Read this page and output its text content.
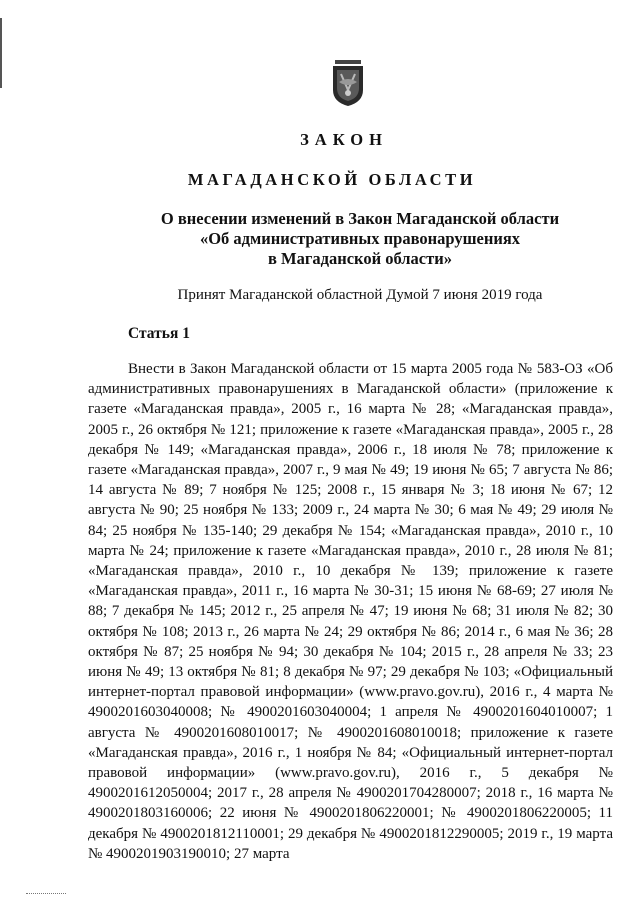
ЗАКОН
МАГАДАНСКОЙ ОБЛАСТИ
О внесении изменений в Закон Магаданской области
«Об административных правонарушениях
в Магаданской области»
Принят Магаданской областной Думой 7 июня 2019 года
Статья 1

Внести в Закон Магаданской области от 15 марта 2005 года № 583-ОЗ «Об административных правонарушениях в Магаданской области» (приложение к газете «Магаданская правда», 2005 г., 16 марта № 28; «Магаданская правда», 2005 г., 26 октября № 121; приложение к газете «Магаданская правда», 2005 г., 28 декабря № 149; «Магаданская правда», 2006 г., 18 июля № 78; приложение к газете «Магаданская правда», 2007 г., 9 мая № 49; 19 июня № 65; 7 августа № 86; 14 августа № 89; 7 ноября № 125; 2008 г., 15 января № 3; 18 июня № 67; 12 августа № 90; 25 ноября № 133; 2009 г., 24 марта № 30; 6 мая № 49; 29 июля № 84; 25 ноября № 135-140; 29 декабря № 154; «Магаданская правда», 2010 г., 10 марта № 24; приложение к газете «Магаданская правда», 2010 г., 28 июля № 81; «Магаданская правда», 2010 г., 10 декабря № 139; приложение к газете «Магаданская правда», 2011 г., 16 марта № 30-31; 15 июня № 68-69; 27 июля № 88; 7 декабря № 145; 2012 г., 25 апреля № 47; 19 июня № 68; 31 июля № 82; 30 октября № 108; 2013 г., 26 марта № 24; 29 октября № 86; 2014 г., 6 мая № 36; 28 октября № 87; 25 ноября № 94; 30 декабря № 104; 2015 г., 28 апреля № 33; 23 июня № 49; 13 октября № 81; 8 декабря № 97; 29 декабря № 103; «Официальный интернет-портал правовой информации» (www.pravo.gov.ru), 2016 г., 4 марта № 4900201603040008; № 4900201603040004; 1 апреля № 4900201604010007; 1 августа № 4900201608010017; № 4900201608010018; приложение к газете «Магаданская правда», 2016 г., 1 ноября № 84; «Официальный интернет-портал правовой информации» (www.pravo.gov.ru), 2016 г., 5 декабря № 4900201612050004; 2017 г., 28 апреля № 4900201704280007; 2018 г., 16 марта № 4900201803160006; 22 июня № 4900201806220001; № 4900201806220005; 11 декабря № 4900201812110001; 29 декабря № 4900201812290005; 2019 г., 19 марта № 4900201903190010; 27 марта
